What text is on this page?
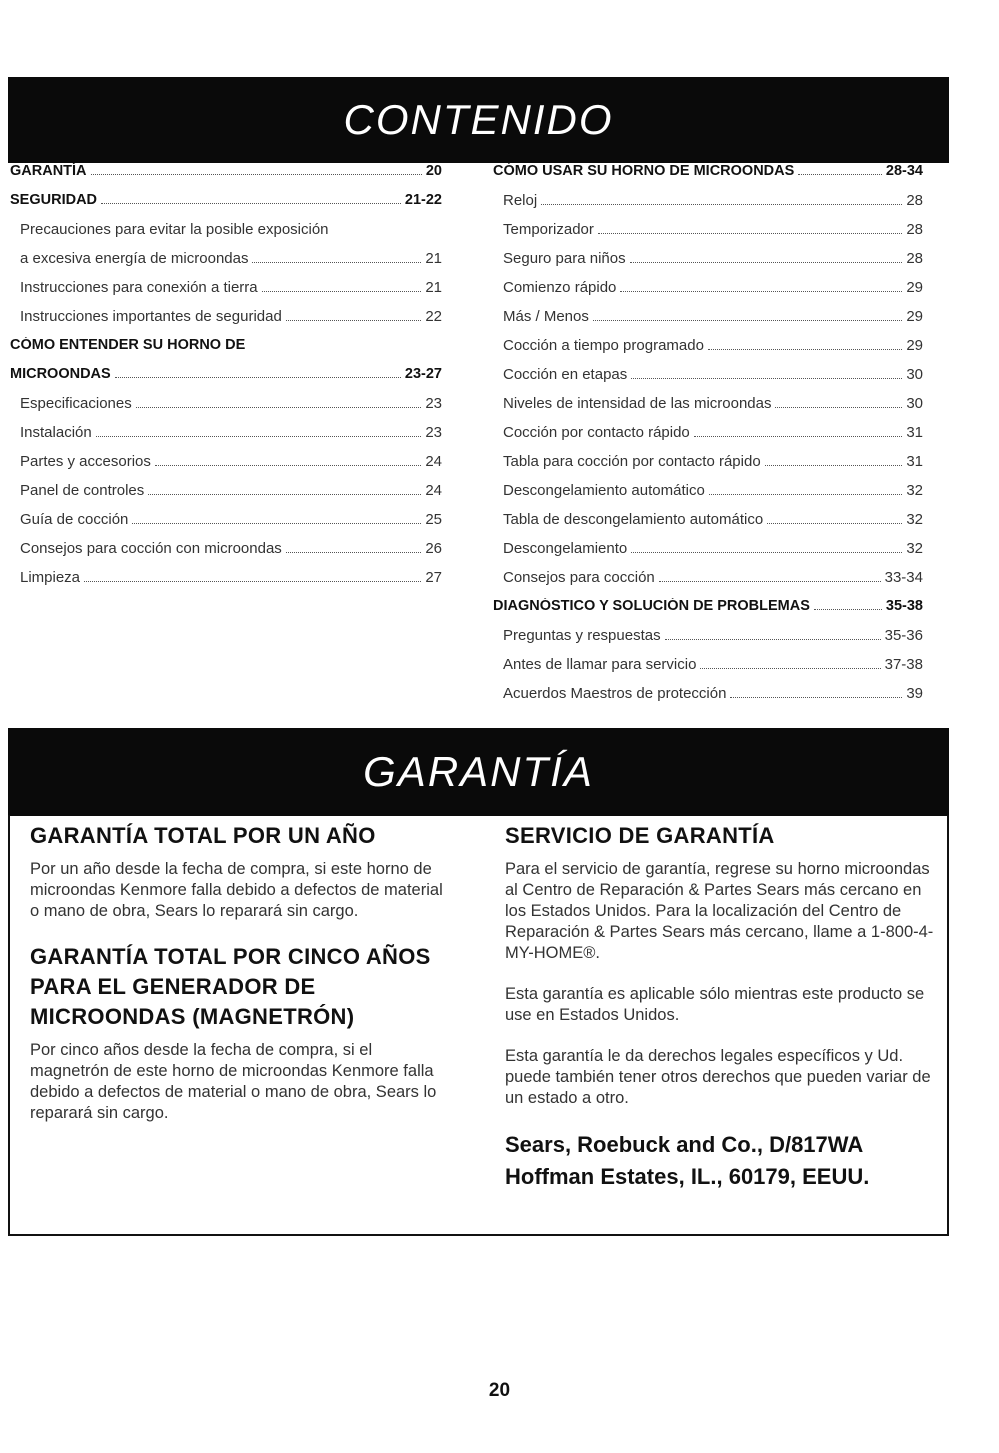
CONTENIDO
GARANTÍA	20
SEGURIDAD	21-22
Precauciones para evitar la posible exposición
a excesiva energía de microondas	21
Instrucciones para conexión a tierra	21
Instrucciones importantes de seguridad	22
CÓMO ENTENDER SU HORNO DE
MICROONDAS	23-27
Especificaciones	23
Instalación	23
Partes y accesorios	24
Panel de controles	24
Guía de cocción	25
Consejos para cocción con microondas	26
Limpieza	27
CÓMO USAR SU HORNO DE MICROONDAS	28-34
Reloj	28
Temporizador	28
Seguro para niños	28
Comienzo rápido	29
Más / Menos	29
Cocción a tiempo programado	29
Cocción en etapas	30
Niveles de intensidad de las microondas	30
Cocción por contacto rápido	31
Tabla para cocción por contacto rápido	31
Descongelamiento automático	32
Tabla de descongelamiento automático	32
Descongelamiento	32
Consejos para cocción	33-34
DIAGNÓSTICO Y SOLUCIÓN DE PROBLEMAS	35-38
Preguntas y respuestas	35-36
Antes de llamar para servicio	37-38
Acuerdos Maestros de protección	39
GARANTÍA
GARANTÍA TOTAL POR UN AÑO

Por un año desde la fecha de compra, si este horno de microondas Kenmore falla debido a defectos de material o mano de obra, Sears lo reparará sin cargo.

GARANTÍA TOTAL POR CINCO AÑOS PARA EL GENERADOR DE MICROONDAS (MAGNETRÓN)

Por cinco años desde la fecha de compra, si el magnetrón de este horno de microondas Kenmore falla debido a defectos de material o mano de obra, Sears lo reparará sin cargo.

SERVICIO DE GARANTÍA

Para el servicio de garantía, regrese su horno microondas al Centro de Reparación & Partes Sears más cercano en los Estados Unidos. Para la localización del Centro de Reparación & Partes Sears más cercano, llame a 1-800-4-MY-HOME®.

Esta garantía es aplicable sólo mientras este producto se use en Estados Unidos.

Esta garantía le da derechos legales específicos y Ud. puede también tener otros derechos que pueden variar de un estado a otro.

Sears, Roebuck and Co., D/817WA
Hoffman Estates, IL., 60179, EEUU.
20
